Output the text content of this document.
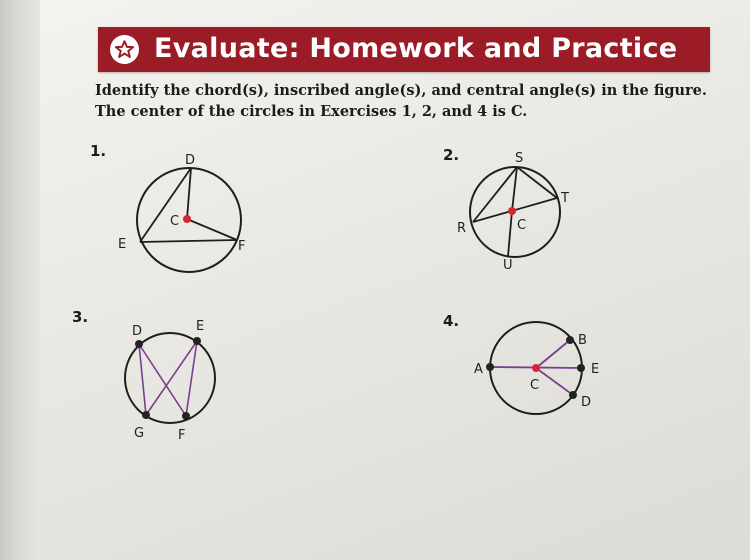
Evaluate: Homework and Practice
Identify the chord(s), inscribed angle(s), and central angle(s) in the figure.
The center of the circles in Exercises 1, 2, and 4 is C.
1.	2.
3.	4.
D
C
E	F
S
T
R	C
U
D	E
G	F
A
B
E
C
D
